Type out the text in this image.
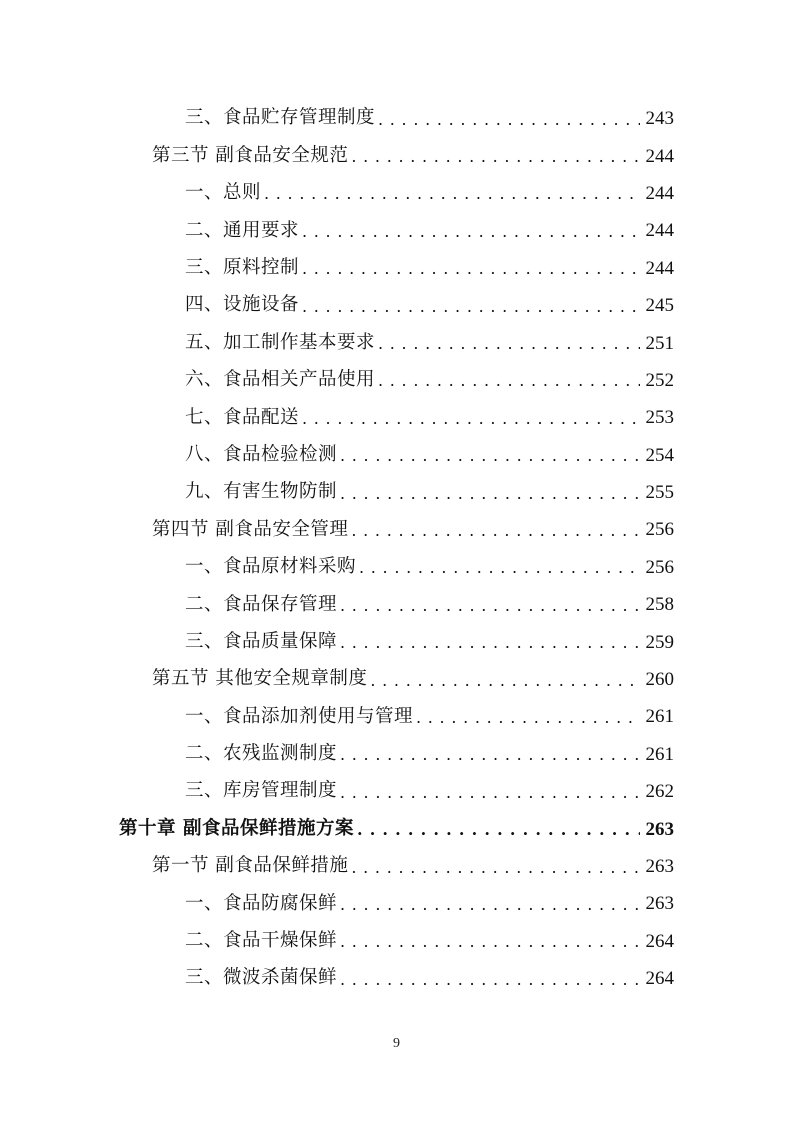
三、食品贮存管理制度 . . .	243
第三节 副食品安全规范 . . .	244
一、总则 . . .	244
二、通用要求 . . .	244
三、原料控制 . . .	244
四、设施设备 . . .	245
五、加工制作基本要求 . . .	251
六、食品相关产品使用 . . .	252
七、食品配送 . . .	253
八、食品检验检测 . . .	254
九、有害生物防制 . . .	255
第四节 副食品安全管理 . . .	256
一、食品原材料采购 . . .	256
二、食品保存管理 . . .	258
三、食品质量保障 . . .	259
第五节 其他安全规章制度 . . .	260
一、食品添加剂使用与管理 . . .	261
二、农残监测制度 . . .	261
三、库房管理制度 . . .	262
第十章 副食品保鲜措施方案 . . .	263
第一节 副食品保鲜措施 . . .	263
一、食品防腐保鲜 . . .	263
二、食品干燥保鲜 . . .	264
三、微波杀菌保鲜 . . .	264
9
